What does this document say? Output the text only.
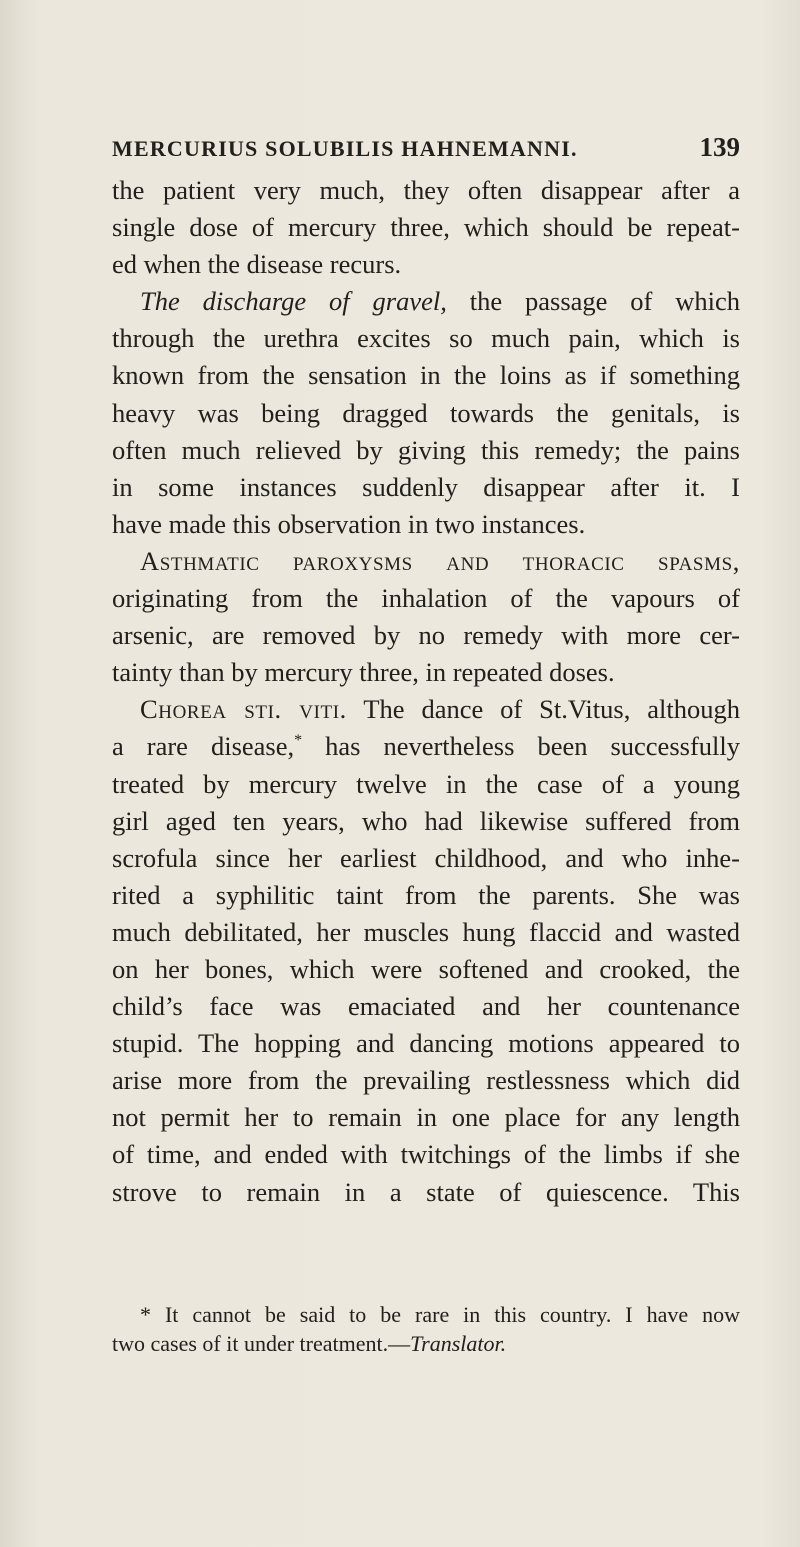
MERCURIUS SOLUBILIS HAHNEMANNI.	139
the patient very much, they often disappear after a
single dose of mercury three, which should be repeat-
ed when the disease recurs.
The discharge of gravel, the passage of which
through the urethra excites so much pain, which is
known from the sensation in the loins as if something
heavy was being dragged towards the genitals, is
often much relieved by giving this remedy; the pains
in some instances suddenly disappear after it. I
have made this observation in two instances.
Asthmatic paroxysms and thoracic spasms,
originating from the inhalation of the vapours of
arsenic, are removed by no remedy with more cer-
tainty than by mercury three, in repeated doses.
Chorea sti. viti. The dance of St.Vitus, although
a rare disease,* has nevertheless been successfully
treated by mercury twelve in the case of a young
girl aged ten years, who had likewise suffered from
scrofula since her earliest childhood, and who inhe-
rited a syphilitic taint from the parents. She was
much debilitated, her muscles hung flaccid and wasted
on her bones, which were softened and crooked, the
child’s face was emaciated and her countenance
stupid. The hopping and dancing motions appeared to
arise more from the prevailing restlessness which did
not permit her to remain in one place for any length
of time, and ended with twitchings of the limbs if she
strove to remain in a state of quiescence. This
* It cannot be said to be rare in this country. I have now
two cases of it under treatment.—Translator.
